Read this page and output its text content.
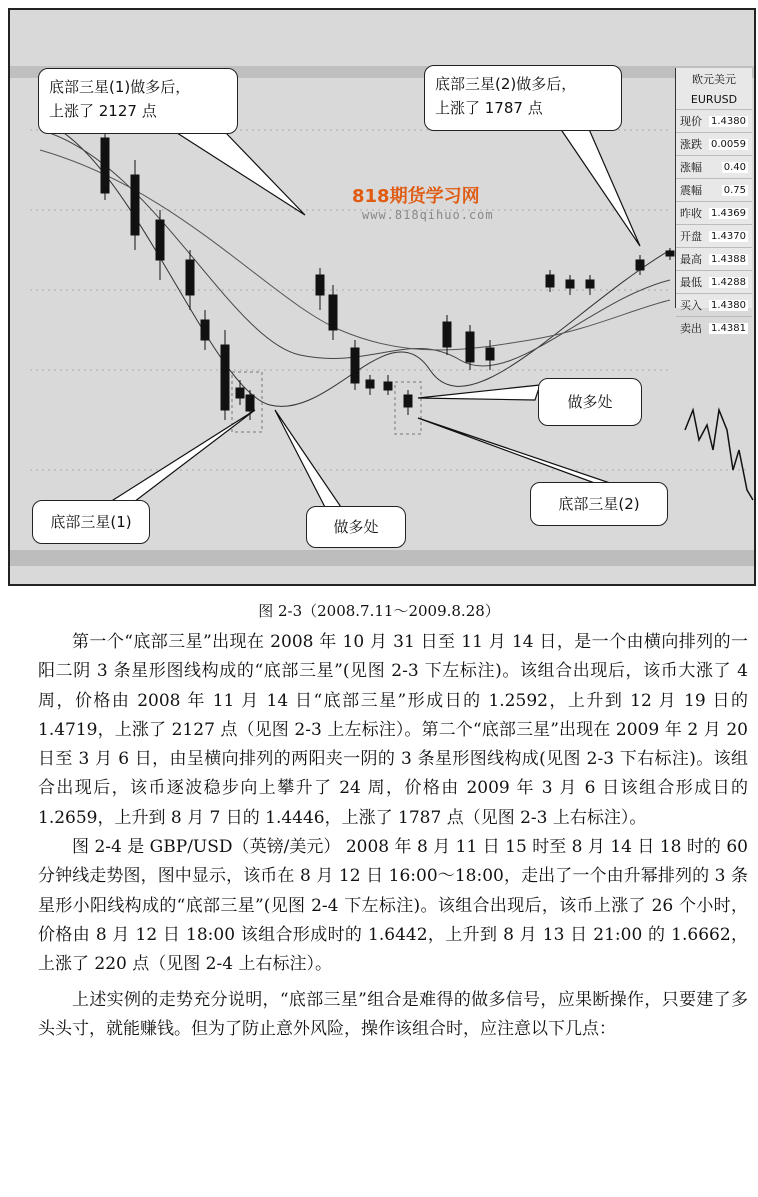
818期货学习网
www.818qihuo.com
欧元美元
EURUSD
现价 1.4380
涨跌 0.0059
涨幅 0.40
震幅 0.75
昨收 1.4369
开盘 1.4370
最高 1.4388
最低 1.4288
买入 1.4380
卖出 1.4381
底部三星(1)做多后，
上涨了 2127 点
底部三星(2)做多后，
上涨了 1787 点
做多处
底部三星(1)	做多处
底部三星(2)
图 2-3（2008.7.11～2009.8.28）

第一个“底部三星”出现在 2008 年 10 月 31 日至 11 月 14 日，是一个由横向排列的一阳二阴 3 条星形图线构成的“底部三星”(见图 2-3 下左标注)。该组合出现后，该币大涨了 4 周，价格由 2008 年 11 月 14 日“底部三星”形成日的 1.2592，上升到 12 月 19 日的 1.4719，上涨了 2127 点（见图 2-3 上左标注）。第二个“底部三星”出现在 2009 年 2 月 20 日至 3 月 6 日，由呈横向排列的两阳夹一阴的 3 条星形图线构成(见图 2-3 下右标注)。该组合出现后，该币逐波稳步向上攀升了 24 周，价格由 2009 年 3 月 6 日该组合形成日的 1.2659，上升到 8 月 7 日的 1.4446，上涨了 1787 点（见图 2-3 上右标注）。

图 2-4 是 GBP/USD（英镑/美元） 2008 年 8 月 11 日 15 时至 8 月 14 日 18 时的 60 分钟线走势图，图中显示，该币在 8 月 12 日 16:00～18:00，走出了一个由升幂排列的 3 条星形小阳线构成的“底部三星”(见图 2-4 下左标注)。该组合出现后，该币上涨了 26 个小时，价格由 8 月 12 日 18:00 该组合形成时的 1.6442，上升到 8 月 13 日 21:00 的 1.6662，上涨了 220 点（见图 2-4 上右标注）。

上述实例的走势充分说明，“底部三星”组合是难得的做多信号，应果断操作，只要建了多头头寸，就能赚钱。但为了防止意外风险，操作该组合时，应注意以下几点：
